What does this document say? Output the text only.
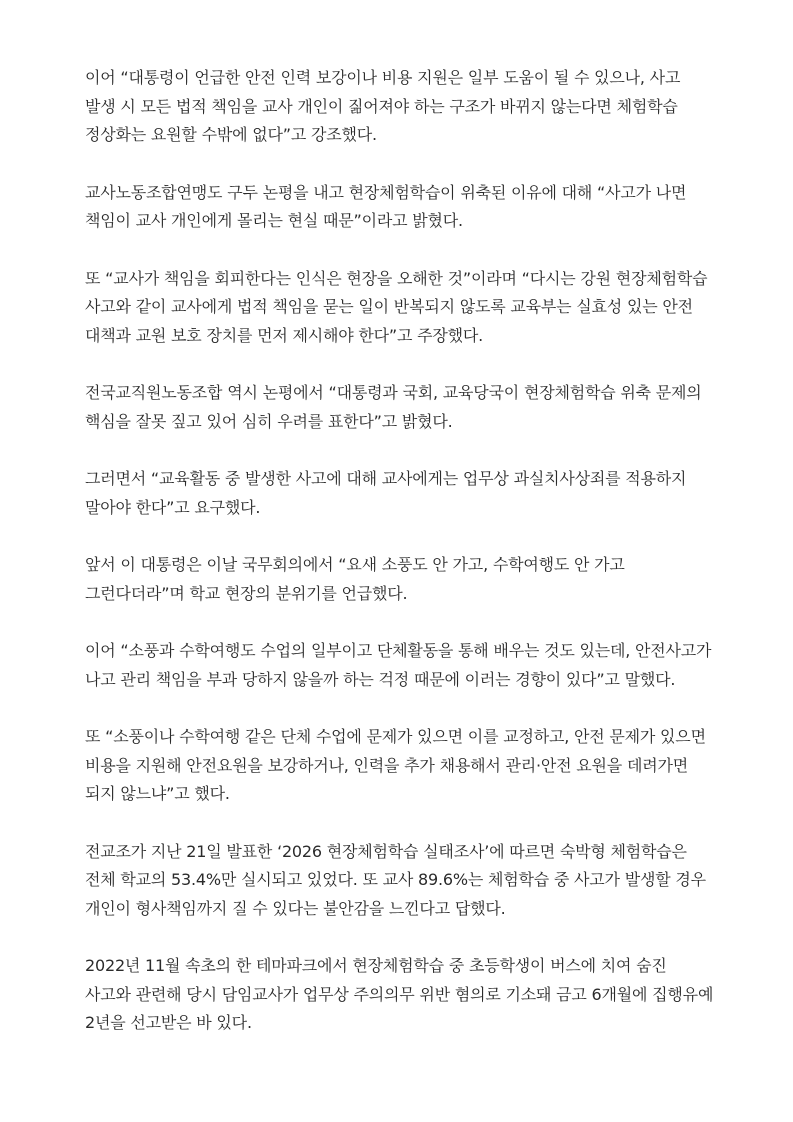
이어 “대통령이 언급한 안전 인력 보강이나 비용 지원은 일부 도움이 될 수 있으나, 사고 발생 시 모든 법적 책임을 교사 개인이 짊어져야 하는 구조가 바뀌지 않는다면 체험학습 정상화는 요원할 수밖에 없다”고 강조했다.

교사노동조합연맹도 구두 논평을 내고 현장체험학습이 위축된 이유에 대해 “사고가 나면 책임이 교사 개인에게 몰리는 현실 때문”이라고 밝혔다.

또 “교사가 책임을 회피한다는 인식은 현장을 오해한 것”이라며 “다시는 강원 현장체험학습 사고와 같이 교사에게 법적 책임을 묻는 일이 반복되지 않도록 교육부는 실효성 있는 안전 대책과 교원 보호 장치를 먼저 제시해야 한다”고 주장했다.

전국교직원노동조합 역시 논평에서 “대통령과 국회, 교육당국이 현장체험학습 위축 문제의 핵심을 잘못 짚고 있어 심히 우려를 표한다”고 밝혔다.

그러면서 “교육활동 중 발생한 사고에 대해 교사에게는 업무상 과실치사상죄를 적용하지 말아야 한다”고 요구했다.

앞서 이 대통령은 이날 국무회의에서 “요새 소풍도 안 가고, 수학여행도 안 가고 그런다더라”며 학교 현장의 분위기를 언급했다.

이어 “소풍과 수학여행도 수업의 일부이고 단체활동을 통해 배우는 것도 있는데, 안전사고가 나고 관리 책임을 부과 당하지 않을까 하는 걱정 때문에 이러는 경향이 있다”고 말했다.

또 “소풍이나 수학여행 같은 단체 수업에 문제가 있으면 이를 교정하고, 안전 문제가 있으면 비용을 지원해 안전요원을 보강하거나, 인력을 추가 채용해서 관리·안전 요원을 데려가면 되지 않느냐”고 했다.

전교조가 지난 21일 발표한 ‘2026 현장체험학습 실태조사’에 따르면 숙박형 체험학습은 전체 학교의 53.4%만 실시되고 있었다. 또 교사 89.6%는 체험학습 중 사고가 발생할 경우 개인이 형사책임까지 질 수 있다는 불안감을 느낀다고 답했다.

2022년 11월 속초의 한 테마파크에서 현장체험학습 중 초등학생이 버스에 치여 숨진 사고와 관련해 당시 담임교사가 업무상 주의의무 위반 혐의로 기소돼 금고 6개월에 집행유예 2년을 선고받은 바 있다.
